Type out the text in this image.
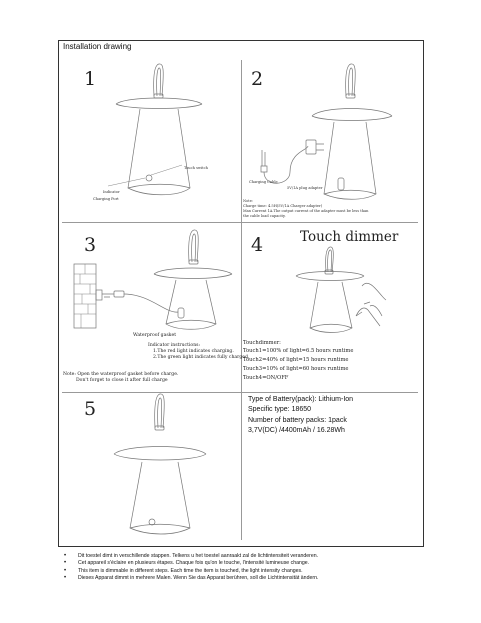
Installation drawing
1
Touch switch
Indicator
Charging Port
2
Charging Cable
5V/1A plug adapter
Note:
Charge time: 4.5H(5V/1A Charger adapter)
Max Current 1A.The output current of the adapter must be less than
the cable load capacity.
3
Waterproof gasket
Indicator instructions:
1.The red light indicates charging.
2.The green light indicates fully charged.
Note: Open the waterproof gasket before charge.
Don't forget to close it after full charge
4	Touch dimmer
Touchdimmer:
Touch1=100% of light=6.5 hours runtime
Touch2=40% of light=15 hours runtime
Touch3=10% of light=60 hours runtime
Touch4=ON/OFF
5	Type of Battery(pack): Lithium-Ion
Specific type: 18650
Number of battery packs: 1pack
3,7V(DC) /4400mAh / 16.28Wh
• Dit toestel dimt in verschillende stappen. Telkens u het toestel aanraakt zal de lichtintensiteit veranderen.
• Cet appareil s'éclaire en plusieurs étapes. Chaque fois qu'on le touche, l'intensité lumineuse change.
• This item is dimmable in different steps. Each time the item is touched, the light intensity changes.
• Dieses Apparat dimmt in mehrere Malen. Wenn Sie das Apparat berühren, soll die Lichtintensität ändern.
